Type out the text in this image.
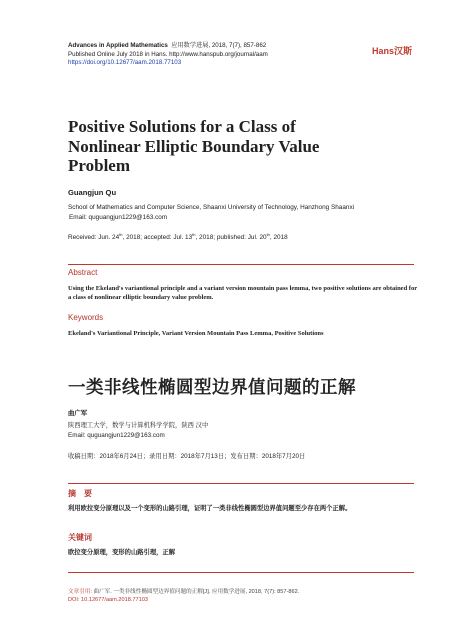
Advances in Applied Mathematics 应用数学进展, 2018, 7(7), 857-862
Published Online July 2018 in Hans. http://www.hanspub.org/journal/aam
https://doi.org/10.12677/aam.2018.77103
Hans汉斯
Positive Solutions for a Class of Nonlinear Elliptic Boundary Value Problem
Guangjun Qu
School of Mathematics and Computer Science, Shaanxi University of Technology, Hanzhong Shaanxi
Email: quguangjun1229@163.com
Received: Jun. 24th, 2018; accepted: Jul. 13th, 2018; published: Jul. 20th, 2018
Abstract
Using the Ekeland's variantional principle and a variant version mountain pass lemma, two positive solutions are obtained for a class of nonlinear elliptic boundary value problem.
Keywords
Ekeland's Variantional Principle, Variant Version Mountain Pass Lemma, Positive Solutions
一类非线性椭圆型边界值问题的正解
曲广军
陕西理工大学，数学与计算机科学学院，陕西 汉中
Email: quguangjun1229@163.com
收稿日期：2018年6月24日；录用日期：2018年7月13日；发布日期：2018年7月20日
摘　要
利用欧拉变分原理以及一个变形的山路引理，证明了一类非线性椭圆型边界值问题至少存在两个正解。
关键词
欧拉变分原理，变形的山路引理，正解
文章引用: 曲广军. 一类非线性椭圆型边界值问题的正解[J]. 应用数学进展, 2018, 7(7): 857-862.
DOI: 10.12677/aam.2018.77103
